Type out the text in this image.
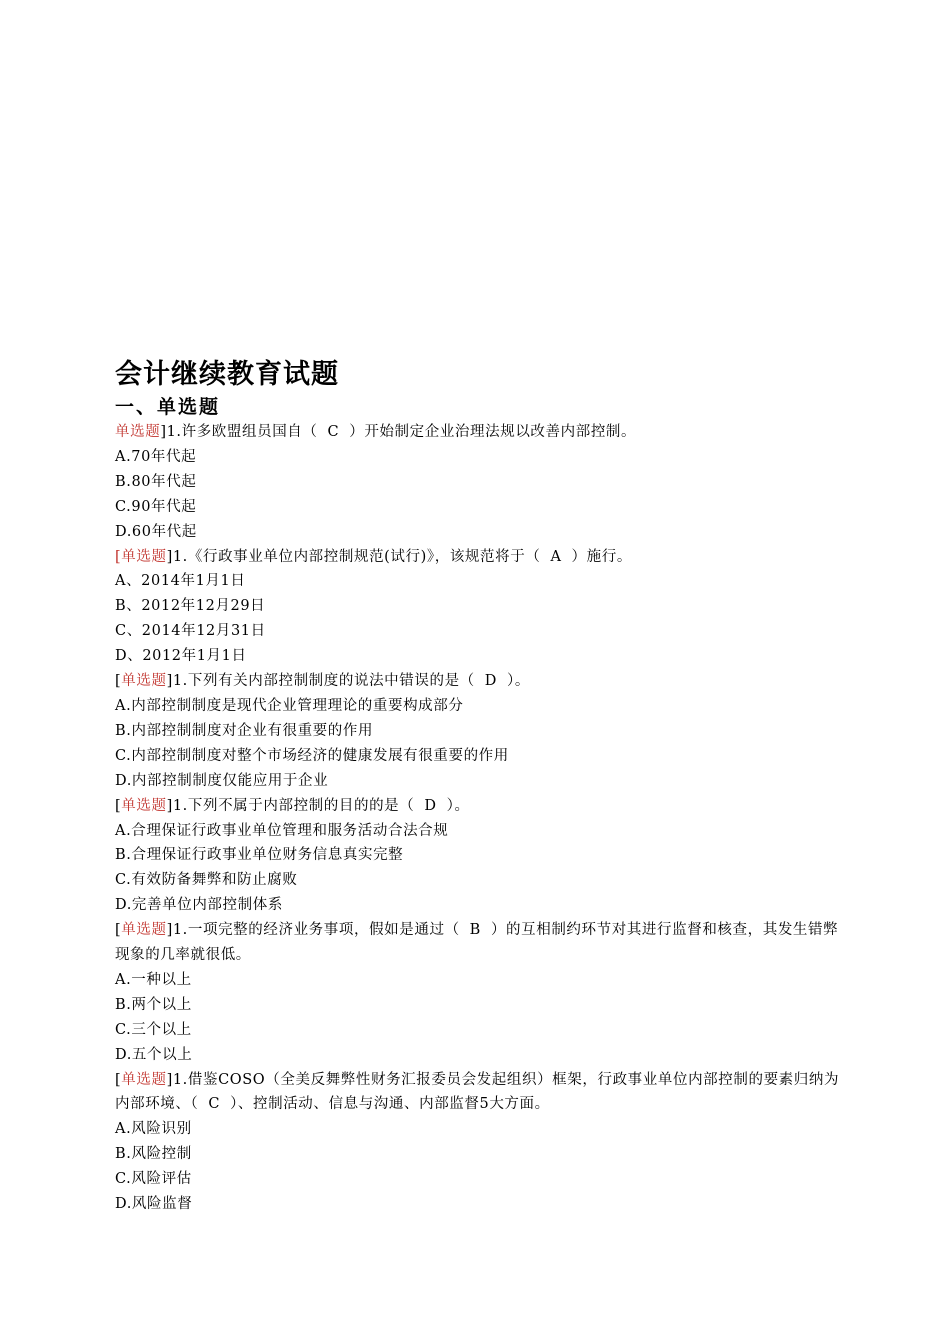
会计继续教育试题
一、单选题
单选题]1.许多欧盟组员国自（ C ）开始制定企业治理法规以改善内部控制。
A.70年代起
B.80年代起
C.90年代起
D.60年代起
[单选题]1.《行政事业单位内部控制规范(试行)》，该规范将于（ A ）施行。
A、2014年1月1日
B、2012年12月29日
C、2014年12月31日
D、2012年1月1日
[单选题]1.下列有关内部控制制度的说法中错误的是（ D ）。
A.内部控制制度是现代企业管理理论的重要构成部分
B.内部控制制度对企业有很重要的作用
C.内部控制制度对整个市场经济的健康发展有很重要的作用
D.内部控制制度仅能应用于企业
[单选题]1.下列不属于内部控制的目的的是（ D ）。
A.合理保证行政事业单位管理和服务活动合法合规
B.合理保证行政事业单位财务信息真实完整
C.有效防备舞弊和防止腐败
D.完善单位内部控制体系
[单选题]1.一项完整的经济业务事项，假如是通过（ B ）的互相制约环节对其进行监督和核查，其发生错弊现象的几率就很低。
A.一种以上
B.两个以上
C.三个以上
D.五个以上
[单选题]1.借鉴COSO（全美反舞弊性财务汇报委员会发起组织）框架，行政事业单位内部控制的要素归纳为内部环境、（ C ）、控制活动、信息与沟通、内部监督5大方面。
A.风险识别
B.风险控制
C.风险评估
D.风险监督
